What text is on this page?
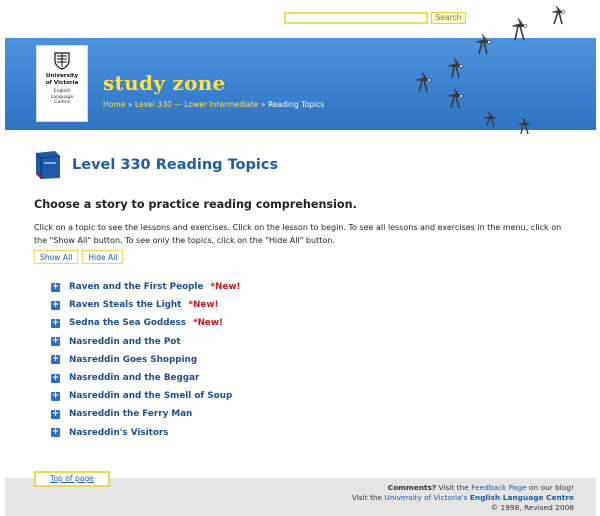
Search
University
of Victoria
English
Language
Centre
study zone
Home » Level 330 — Lower Intermediate » Reading Topics
Level 330 Reading Topics
Choose a story to practice reading comprehension.

Click on a topic to see the lessons and exercises. Click on the lesson to begin. To see all lessons and exercises in the menu, click on the "Show All" button. To see only the topics, click on the "Hide All" button.

Show All	Hide All
+ Raven and the First People *New!
+ Raven Steals the Light *New!
+ Sedna the Sea Goddess *New!
+ Nasreddin and the Pot
+ Nasreddin Goes Shopping
+ Nasreddin and the Beggar
+ Nasreddin and the Smell of Soup
+ Nasreddin the Ferry Man
+ Nasreddin's Visitors
Top of page
Comments? Visit the Feedback Page on our blog!
Visit the University of Victoria's English Language Centre
© 1998, Revised 2008
